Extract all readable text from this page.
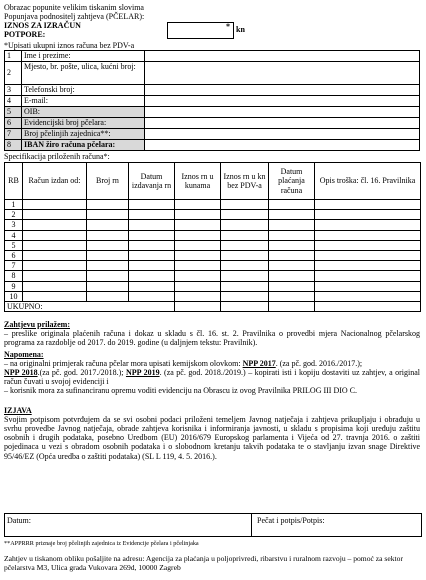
Obrazac popunite velikim tiskanim slovima
Popunjava podnositelj zahtjeva (PČELAR):
IZNOS ZA IZRAČUN
POTPORE:
* kn
*Upisati ukupni iznos računa bez PDV-a
1	Ime i prezime:	
2	Mjesto, br. pošte, ulica, kućni broj:	
3	Telefonski broj:	
4	E-mail:	
5	OIB:	
6	Evidencijski broj pčelara:	
7	Broj pčelinjih zajednica**:	
8	IBAN žiro računa pčelara:	
Specifikacija priloženih računa*:
RB	Račun izdan od:	Broj rn	Datum izdavanja rn	Iznos rn u kunama	Iznos rn u kn bez PDV-a	Datum plaćanja računa	Opis troška: čl. 16. Pravilnika
1							
2							
3							
4							
5							
6							
7							
8							
9							
10							
UKUPNO:							

Zahtjevu prilažem:

– preslike originala plaćenih računa i dokaz u skladu s čl. 16. st. 2. Pravilnika o provedbi mjera Nacionalnog pčelarskog programa za razdoblje od 2017. do 2019. godine (u daljnjem tekstu: Pravilnik).

Napomena:

– na originalni primjerak računa pčelar mora upisati kemijskom olovkom: NPP 2017. (za pč. god. 2016./2017.);
NPP 2018.(za pč. god. 2017./2018.); NPP 2019. (za pč. god. 2018./2019.) – kopirati isti i kopiju dostaviti uz zahtjev, a original račun čuvati u svojoj evidenciji i

– korisnik mora za sufinanciranu opremu voditi evidenciju na Obrascu iz ovog Pravilnika PRILOG III DIO C.

IZJAVA

Svojim potpisom potvrđujem da se svi osobni podaci priloženi temeljem Javnog natječaja i zahtjeva prikupljaju i obrađuju u svrhu provedbe Javnog natječaja, obrade zahtjeva korisnika i informiranja javnosti, u skladu s propisima koji uređuju zaštitu osobnih i drugih podataka, posebno Uredbom (EU) 2016/679 Europskog parlamenta i Vijeća od 27. travnja 2016. o zaštiti pojedinaca u vezi s obradom osobnih podataka i o slobodnom kretanju takvih podataka te o stavljanju izvan snage Direktive 95/46/EZ (Opća uredba o zaštiti podataka) (SL L 119, 4. 5. 2016.).

Datum:	Pečat i potpis/Potpis:
**APPRRR priznaje broj pčelinjih zajednica iz Evidencije pčelara i pčelinjaka
Zahtjev u tiskanom obliku pošaljite na adresu: Agencija za plaćanja u poljoprivredi, ribarstvu i ruralnom razvoju – pomoć za sektor pčelarstva M3, Ulica grada Vukovara 269d, 10000 Zagreb
